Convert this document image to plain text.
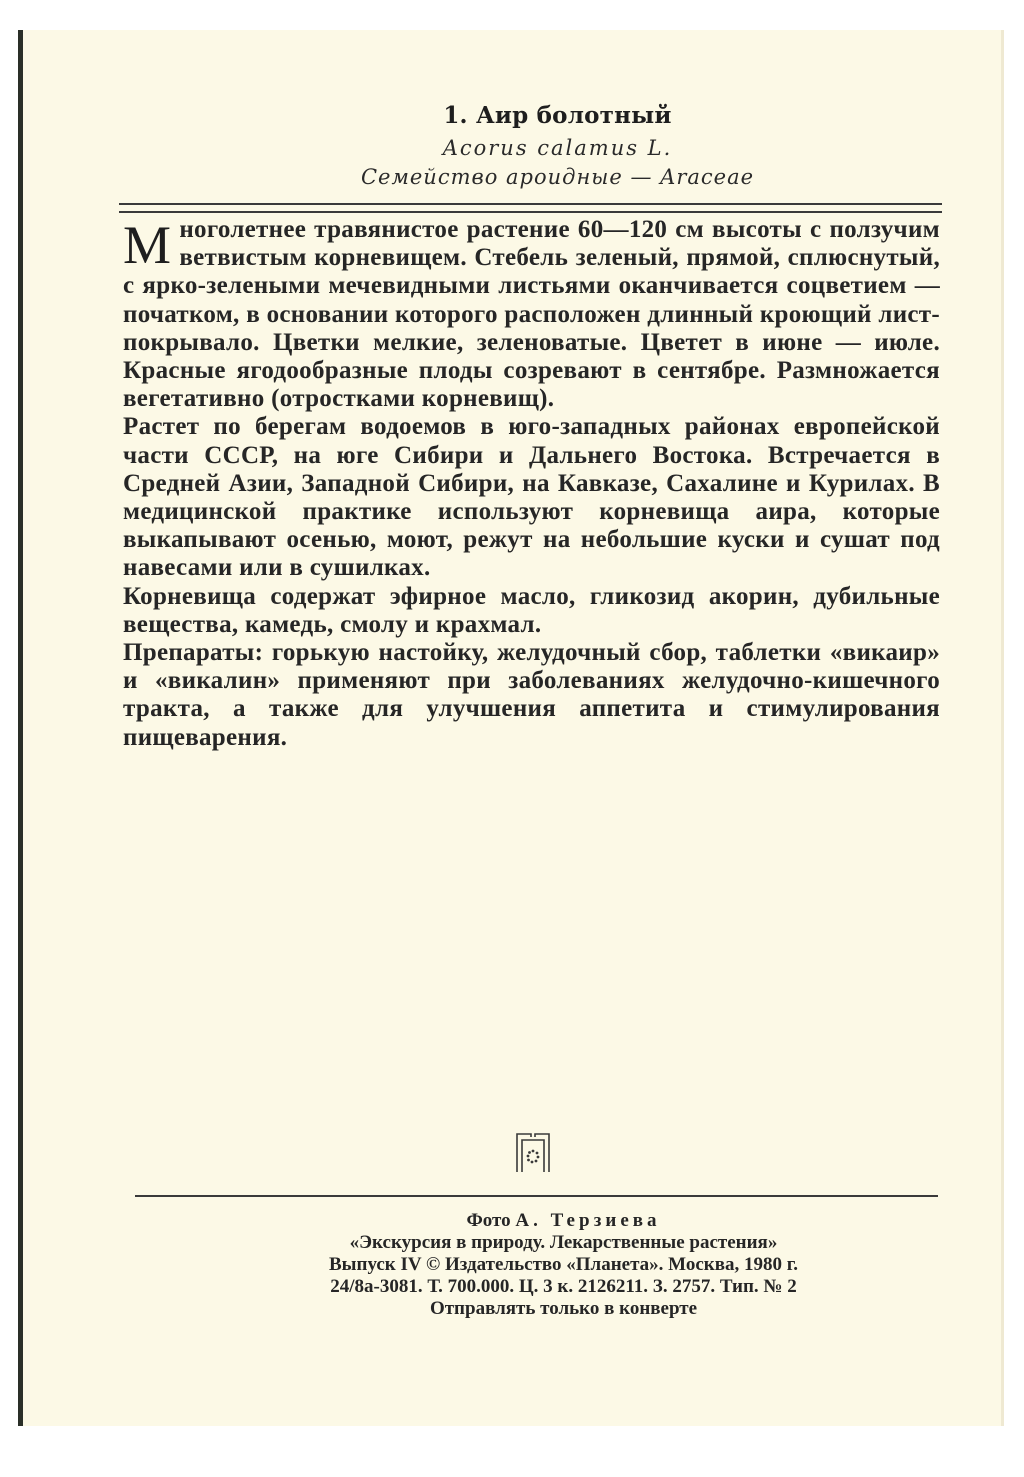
1. Аир болотный
Acorus calamus L.
Семейство ароидные — Araceae

Многолетнее травянистое растение 60—120 см высоты с ползучим ветвистым корневищем. Стебель зеленый, прямой, сплюснутый, с ярко-зелеными мечевидными листьями оканчивается соцветием — початком, в основании которого расположен длинный кроющий лист-покрывало. Цветки мелкие, зеленоватые. Цветет в июне — июле. Красные ягодообразные плоды созревают в сентябре. Размножается вегетативно (отростками корневищ).

Растет по берегам водоемов в юго-западных районах европейской части СССР, на юге Сибири и Дальнего Востока. Встречается в Средней Азии, Западной Сибири, на Кавказе, Сахалине и Курилах. В медицинской практике используют корневища аира, которые выкапывают осенью, моют, режут на небольшие куски и сушат под навесами или в сушилках.

Корневища содержат эфирное масло, гликозид акорин, дубильные вещества, камедь, смолу и крахмал.

Препараты: горькую настойку, желудочный сбор, таблетки «викаир» и «викалин» применяют при заболеваниях желудочно-кишечного тракта, а также для улучшения аппетита и стимулирования пищеварения.

Фото А. Терзиева
«Экскурсия в природу. Лекарственные растения»
Выпуск IV © Издательство «Планета». Москва, 1980 г.
24/8а-3081. Т. 700.000. Ц. 3 к. 2126211. З. 2757. Тип. № 2
Отправлять только в конверте
